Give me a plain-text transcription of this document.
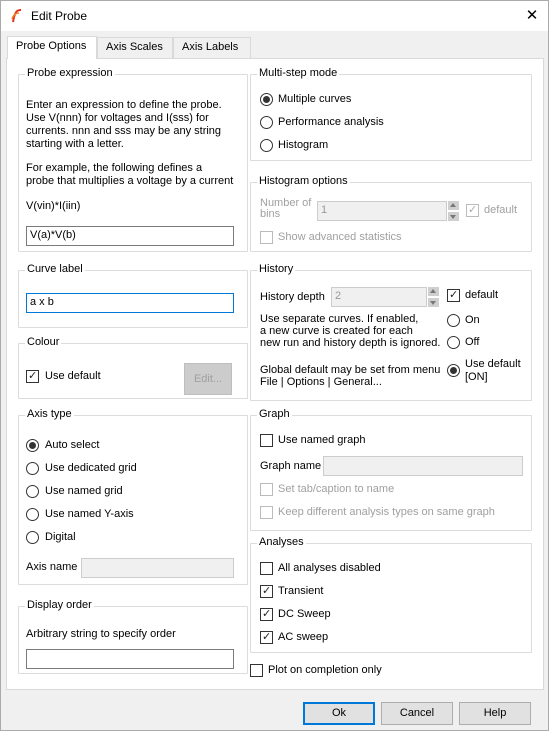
Edit Probe	✕
Probe Options	Axis Scales	Axis Labels
Probe expression
Enter an expression to define the probe.
Use V(nnn) for voltages and I(sss) for
currents. nnn and sss may be any string
starting with a letter.
For example, the following defines a
probe that multiplies a voltage by a current
V(vin)*I(iin)
V(a)*V(b)
Curve label
a x b
Colour
✓
Use default	Edit...
Axis type
Auto select
Use dedicated grid
Use named grid
Use named Y-axis
Digital
Axis name
Display order
Arbitrary string to specify order
Multi-step mode
Multiple curves
Performance analysis
Histogram
Histogram options
Number of
bins	1 ✓	default
Show advanced statistics
History
History depth 2 ✓	default
Use separate curves. If enabled,
a new curve is created for each
new run and history depth is ignored.
On
Off
Global default may be set from menu
File | Options | General...
Use default
[ON]
Graph
Use named graph
Graph name
Set tab/caption to name
Keep different analysis types on same graph
Analyses
All analyses disabled
✓
Transient
✓
DC Sweep
✓
AC sweep
Plot on completion only
Ok	Cancel	Help
